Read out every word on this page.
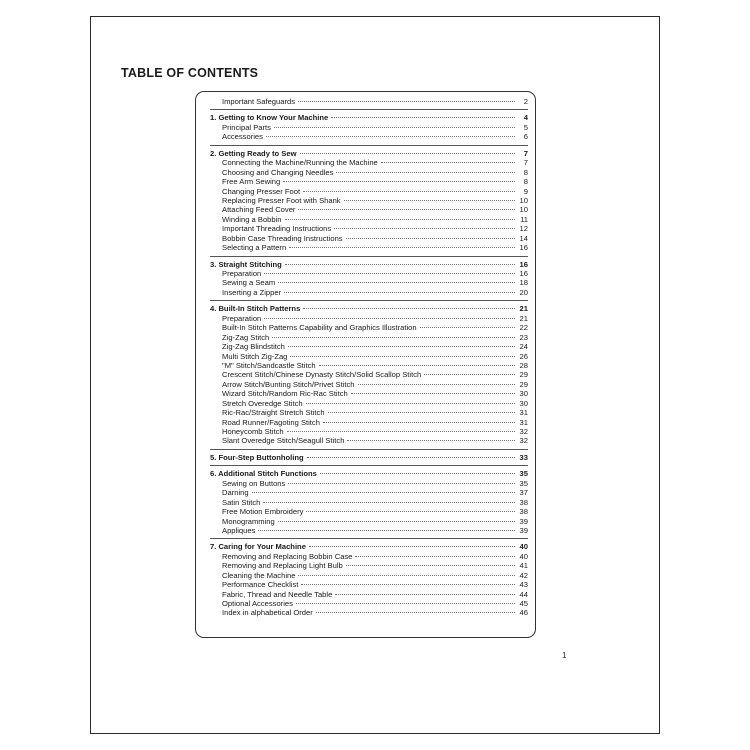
TABLE OF CONTENTS
Important Safeguards	2
1. Getting to Know Your Machine	4
Principal Parts	5
Accessories	6
2. Getting Ready to Sew	7
Connecting the Machine/Running the Machine	7
Choosing and Changing Needles	8
Free Arm Sewing	8
Changing Presser Foot	9
Replacing Presser Foot with Shank	10
Attaching Feed Cover	10
Winding a Bobbin	11
Important Threading Instructions	12
Bobbin Case Threading Instructions	14
Selecting a Pattern	16
3. Straight Stitching	16
Preparation	16
Sewing a Seam	18
Inserting a Zipper	20
4. Built-In Stitch Patterns	21
Preparation	21
Built-In Stitch Patterns Capability and Graphics Illustration	22
Zig-Zag Stitch	23
Zig-Zag Blindstitch	24
Multi Stitch Zig-Zag	26
"M" Stitch/Sandcastle Stitch	28
Crescent Stitch/Chinese Dynasty Stitch/Solid Scallop Stitch	29
Arrow Stitch/Bunting Stitch/Privet Stitch	29
Wizard Stitch/Random Ric-Rac Stitch	30
Stretch Overedge Stitch	30
Ric-Rac/Straight Stretch Stitch	31
Road Runner/Fagoting Stitch	31
Honeycomb Stitch	32
Slant Overedge Stitch/Seagull Stitch	32
5. Four-Step Buttonholing	33
6. Additional Stitch Functions	35
Sewing on Buttons	35
Darning	37
Satin Stitch	38
Free Motion Embroidery	38
Monogramming	39
Appliques	39
7. Caring for Your Machine	40
Removing and Replacing Bobbin Case	40
Removing and Replacing Light Bulb	41
Cleaning the Machine	42
Performance Checklist	43
Fabric, Thread and Needle Table	44
Optional Accessories	45
Index in alphabetical Order	46
1
